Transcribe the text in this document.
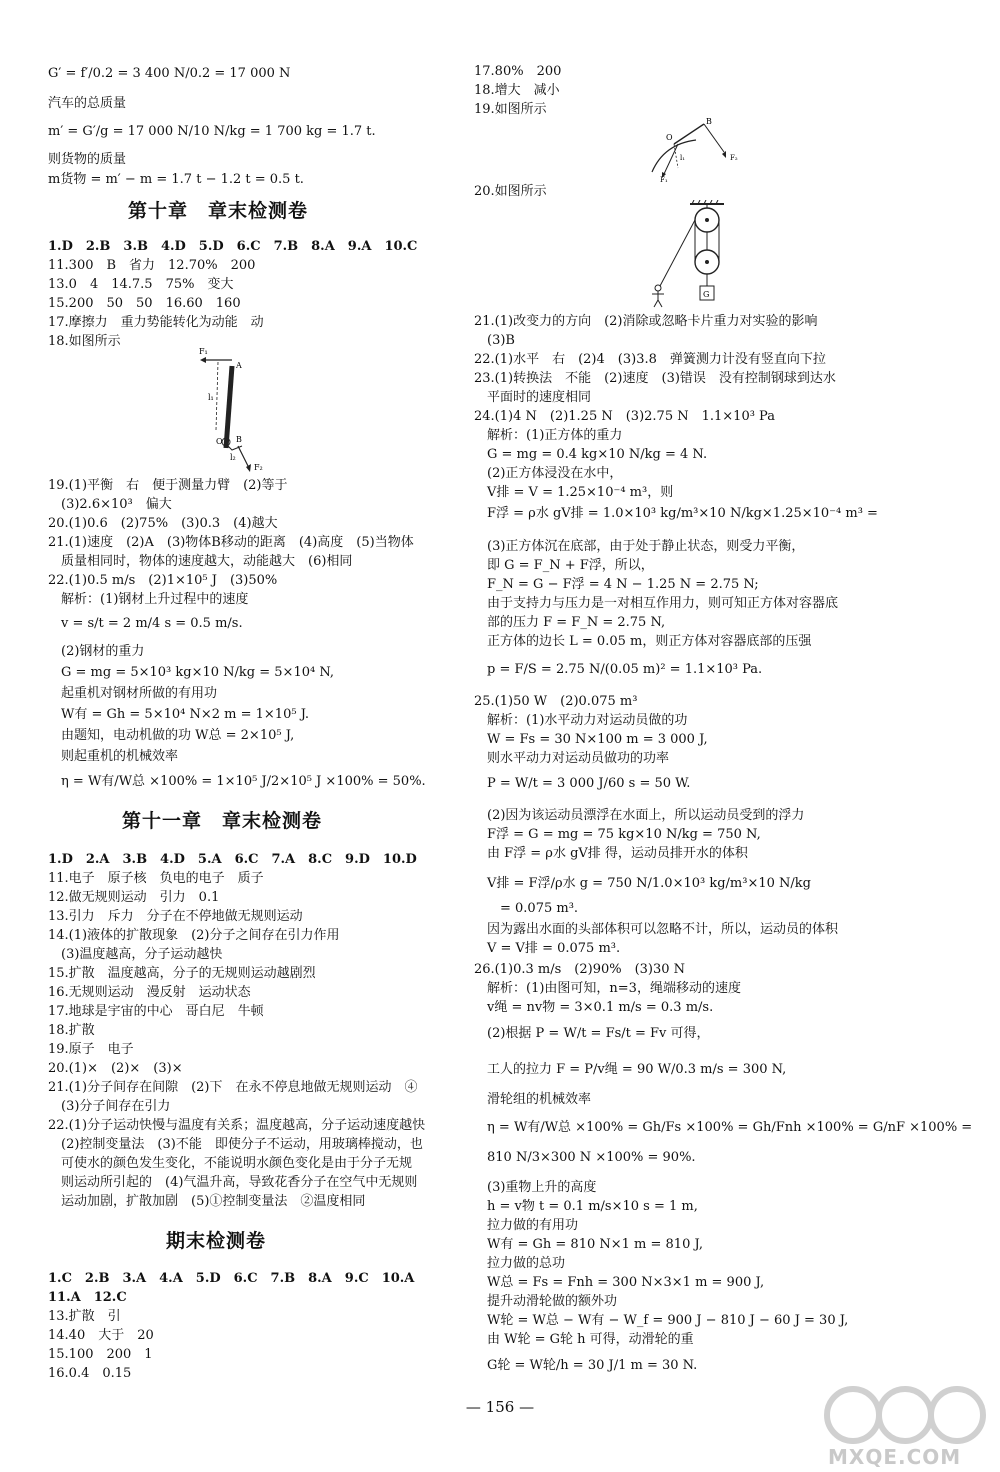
G′ = f′/0.2 = 3 400 N/0.2 = 17 000 N
汽车的总质量
m′ = G′/g = 17 000 N/10 N/kg = 1 700 kg = 1.7 t.
则货物的质量
m货物 = m′ − m = 1.7 t − 1.2 t = 0.5 t.
第十章　章末检测卷
1.D　2.B　3.B　4.D　5.D　6.C　7.B　8.A　9.A　10.C
11.300　B　省力　12.70%　200
13.0　4　14.7.5　75%　变大
15.200　50　50　16.60　160
17.摩擦力　重力势能转化为动能　动
18.如图所示
F₁
A
l₁
O B
l₂
F₂
19.(1)平衡　右　便于测量力臂　(2)等于
　(3)2.6×10³　偏大
20.(1)0.6　(2)75%　(3)0.3　(4)越大
21.(1)速度　(2)A　(3)物体B移动的距离　(4)高度　(5)当物体
　质量相同时，物体的速度越大，动能越大　(6)相同
22.(1)0.5 m/s　(2)1×10⁵ J　(3)50%
　解析：(1)钢材上升过程中的速度
　v = s/t = 2 m/4 s = 0.5 m/s.
　(2)钢材的重力
　G = mg = 5×10³ kg×10 N/kg = 5×10⁴ N,
　起重机对钢材所做的有用功
　W有 = Gh = 5×10⁴ N×2 m = 1×10⁵ J.
　由题知，电动机做的功 W总 = 2×10⁵ J,
　则起重机的机械效率
　η = W有/W总 ×100% = 1×10⁵ J/2×10⁵ J ×100% = 50%.
第十一章　章末检测卷
1.D　2.A　3.B　4.D　5.A　6.C　7.A　8.C　9.D　10.D
11.电子　原子核　负电的电子　质子
12.做无规则运动　引力　0.1
13.引力　斥力　分子在不停地做无规则运动
14.(1)液体的扩散现象　(2)分子之间存在引力作用
　(3)温度越高，分子运动越快
15.扩散　温度越高，分子的无规则运动越剧烈
16.无规则运动　漫反射　运动状态
17.地球是宇宙的中心　哥白尼　牛顿
18.扩散
19.原子　电子
20.(1)×　(2)×　(3)×
21.(1)分子间存在间隙　(2)下　在永不停息地做无规则运动　④
　(3)分子间存在引力
22.(1)分子运动快慢与温度有关系；温度越高，分子运动速度越快
　(2)控制变量法　(3)不能　即使分子不运动，用玻璃棒搅动，也
　可使水的颜色发生变化，不能说明水颜色变化是由于分子无规
　则运动所引起的　(4)气温升高，导致花香分子在空气中无规则
　运动加剧，扩散加剧　(5)①控制变量法　②温度相同
期末检测卷
1.C　2.B　3.A　4.A　5.D　6.C　7.B　8.A　9.C　10.A
11.A　12.C
13.扩散　引
14.40　大于　20
15.100　200　1
16.0.4　0.15
17.80%　200
18.增大　减小
19.如图所示
O
B
l₁
F₁
F₂
20.如图所示
G
21.(1)改变力的方向　(2)消除或忽略卡片重力对实验的影响
　(3)B
22.(1)水平　右　(2)4　(3)3.8　弹簧测力计没有竖直向下拉
23.(1)转换法　不能　(2)速度　(3)错误　没有控制钢球到达水
　平面时的速度相同
24.(1)4 N　(2)1.25 N　(3)2.75 N　1.1×10³ Pa
　解析：(1)正方体的重力
　G = mg = 0.4 kg×10 N/kg = 4 N.
　(2)正方体浸没在水中，
　V排 = V = 1.25×10⁻⁴ m³，则
　F浮 = ρ水 gV排 = 1.0×10³ kg/m³×10 N/kg×1.25×10⁻⁴ m³ =
　(3)正方体沉在底部，由于处于静止状态，则受力平衡，
　即 G = F_N + F浮，所以，
　F_N = G − F浮 = 4 N − 1.25 N = 2.75 N;
　由于支持力与压力是一对相互作用力，则可知正方体对容器底
　部的压力 F = F_N = 2.75 N,
　正方体的边长 L = 0.05 m，则正方体对容器底部的压强
　p = F/S = 2.75 N/(0.05 m)² = 1.1×10³ Pa.
25.(1)50 W　(2)0.075 m³
　解析：(1)水平动力对运动员做的功
　W = Fs = 30 N×100 m = 3 000 J,
　则水平动力对运动员做功的功率
　P = W/t = 3 000 J/60 s = 50 W.
　(2)因为该运动员漂浮在水面上，所以运动员受到的浮力
　F浮 = G = mg = 75 kg×10 N/kg = 750 N,
　由 F浮 = ρ水 gV排 得，运动员排开水的体积
　V排 = F浮/ρ水 g = 750 N/1.0×10³ kg/m³×10 N/kg
　　= 0.075 m³.
　因为露出水面的头部体积可以忽略不计，所以，运动员的体积
　V = V排 = 0.075 m³.
26.(1)0.3 m/s　(2)90%　(3)30 N
　解析：(1)由图可知，n=3，绳端移动的速度
　v绳 = nv物 = 3×0.1 m/s = 0.3 m/s.
　(2)根据 P = W/t = Fs/t = Fv 可得，
　工人的拉力 F = P/v绳 = 90 W/0.3 m/s = 300 N,
　滑轮组的机械效率
　η = W有/W总 ×100% = Gh/Fs ×100% = Gh/Fnh ×100% = G/nF ×100% =
　810 N/3×300 N ×100% = 90%.
　(3)重物上升的高度
　h = v物 t = 0.1 m/s×10 s = 1 m,
　拉力做的有用功
　W有 = Gh = 810 N×1 m = 810 J,
　拉力做的总功
　W总 = Fs = Fnh = 300 N×3×1 m = 900 J,
　提升动滑轮做的额外功
　W轮 = W总 − W有 − W_f = 900 J − 810 J − 60 J = 30 J,
　由 W轮 = G轮 h 可得，动滑轮的重
　G轮 = W轮/h = 30 J/1 m = 30 N.
— 156 —
MXQE.COM
